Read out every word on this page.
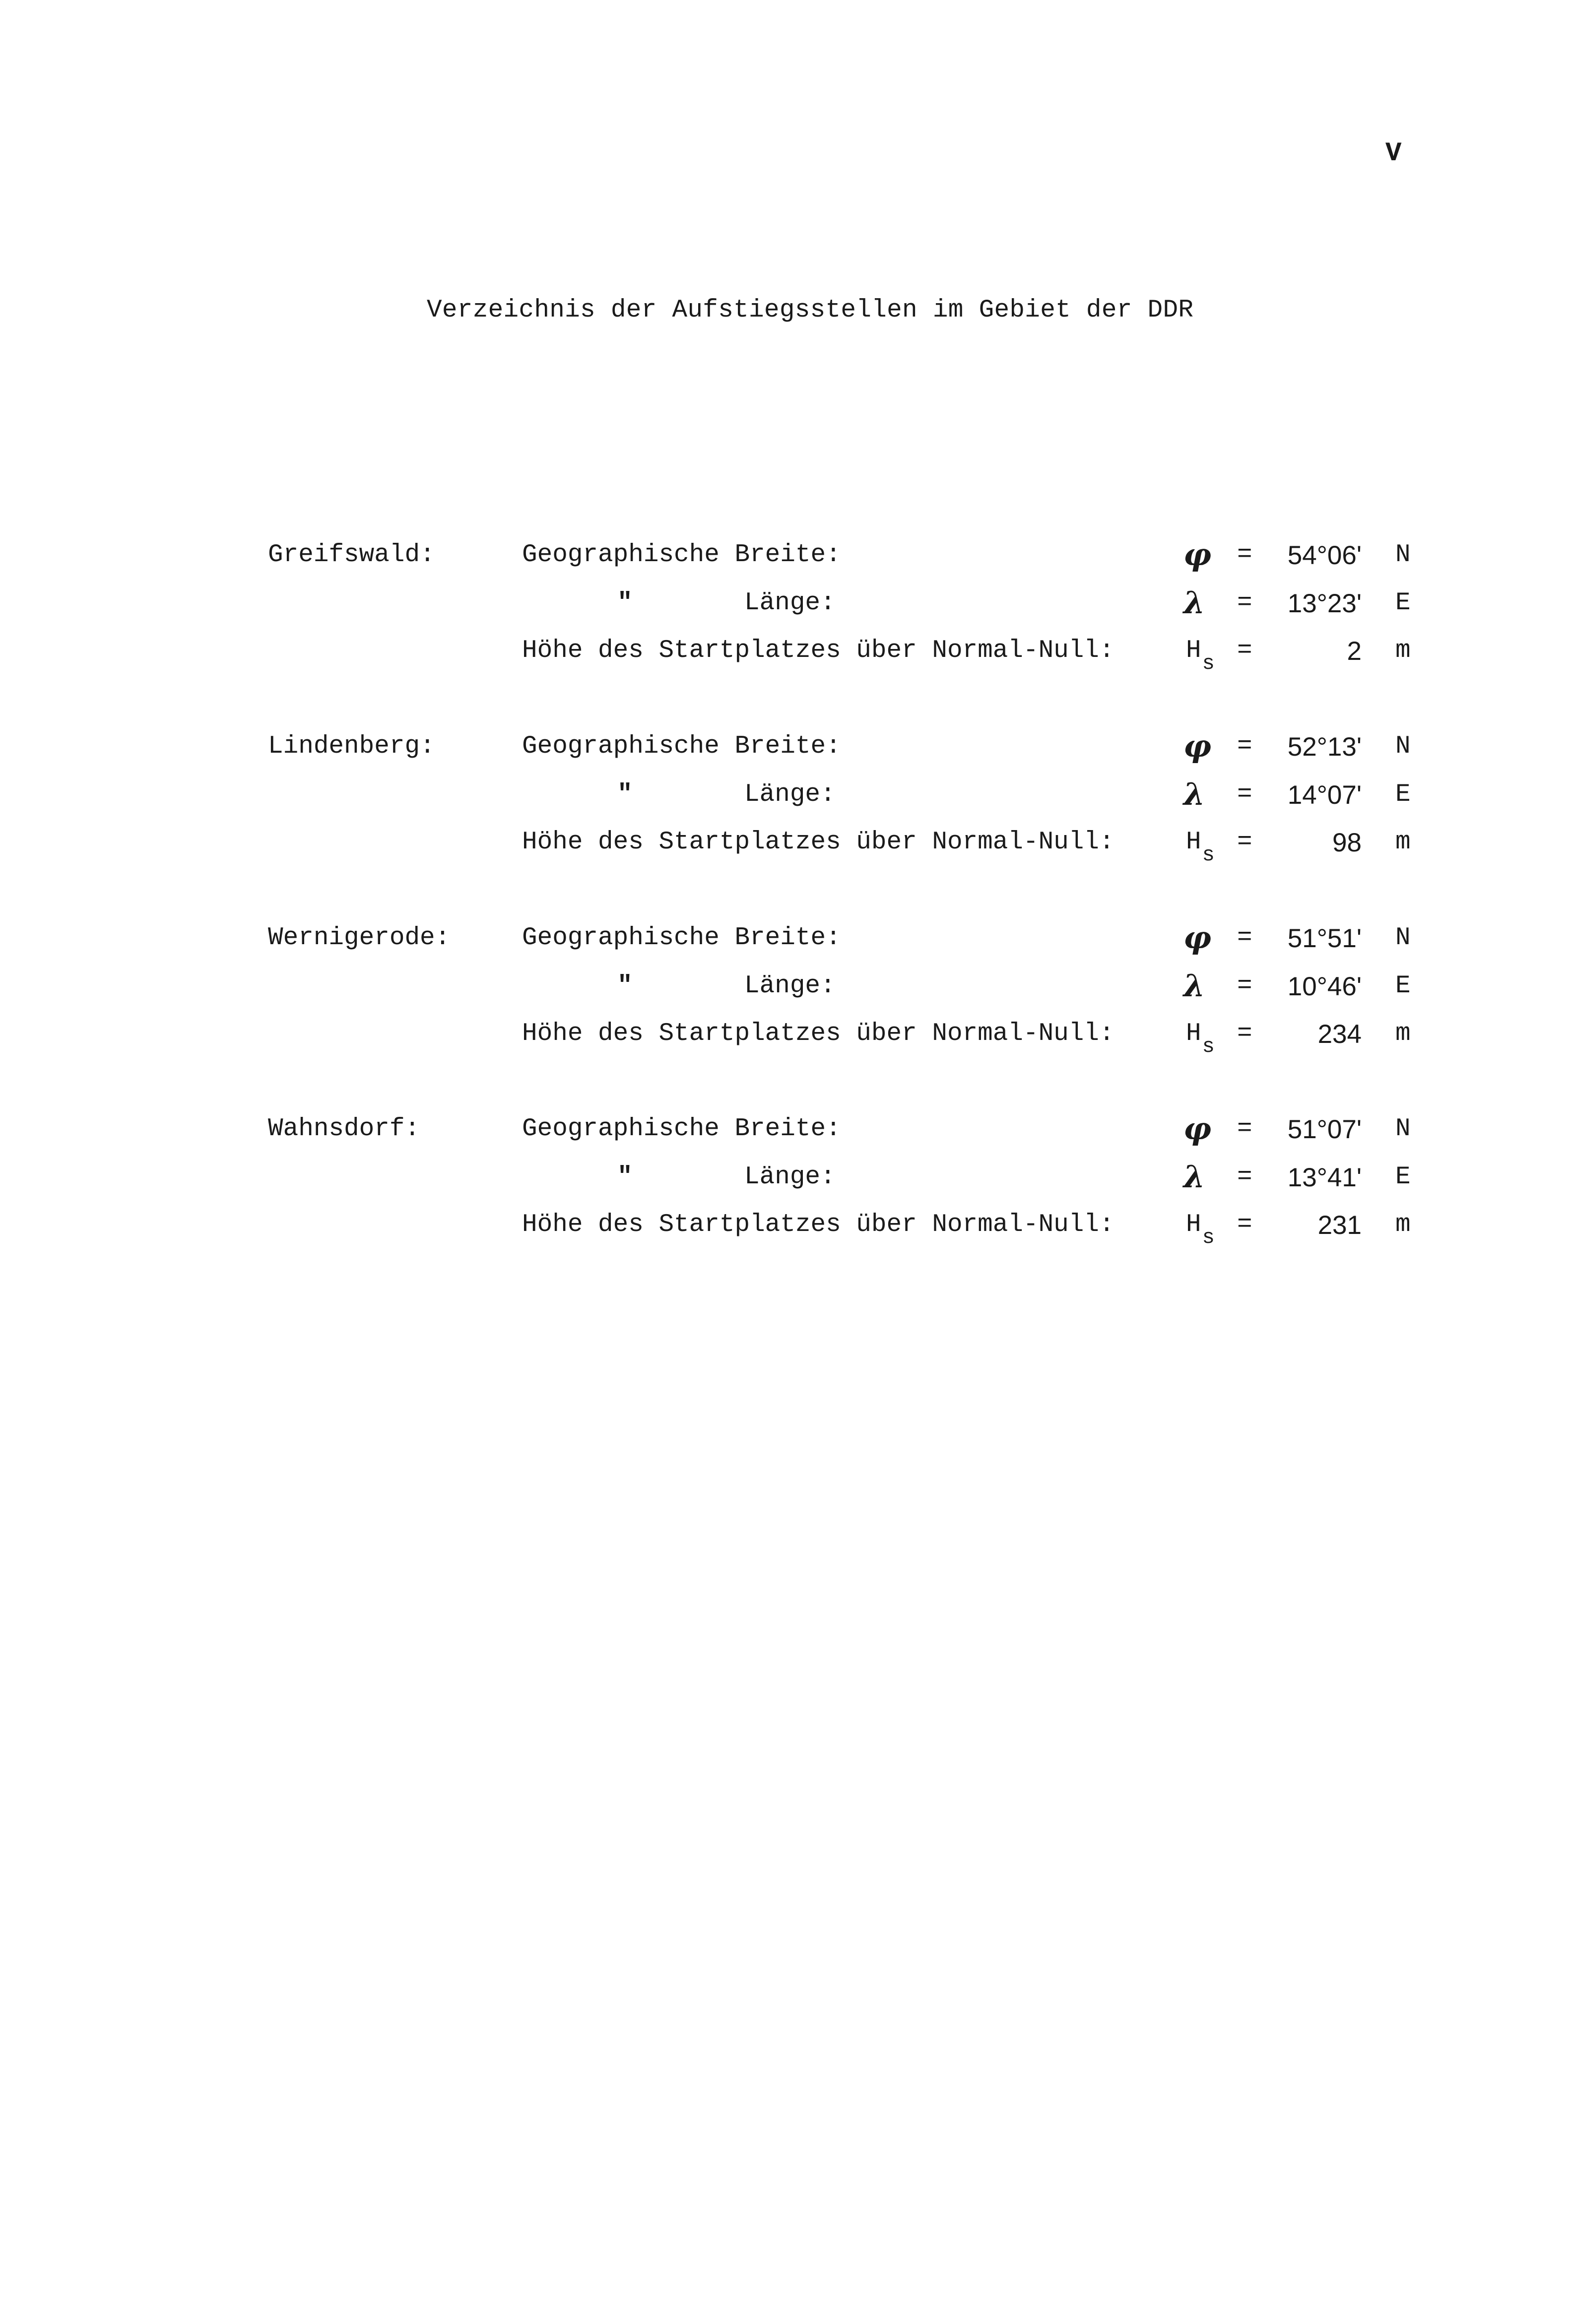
V
Verzeichnis der Aufstiegsstellen im Gebiet der DDR
Greifswald:	Geographische Breite:	φ = 54°06' N
"	Länge:	λ = 13°23' E
Höhe des Startplatzes über Normal-Null:	$H_s$ =	2 m
Lindenberg:	Geographische Breite:	φ = 52°13' N
"	Länge:	λ = 14°07' E
Höhe des Startplatzes über Normal-Null:	$H_s$ =	98 m
Wernigerode:	Geographische Breite:	φ = 51°51' N
"	Länge:	λ = 10°46' E
Höhe des Startplatzes über Normal-Null:	$H_s = 234$ m
Wahnsdorf:	Geographische Breite:	φ = 51°07' N
"	Länge:	λ = 13°41' E
Höhe des Startplatzes über Normal-Null:	$H_s = 231$ m
